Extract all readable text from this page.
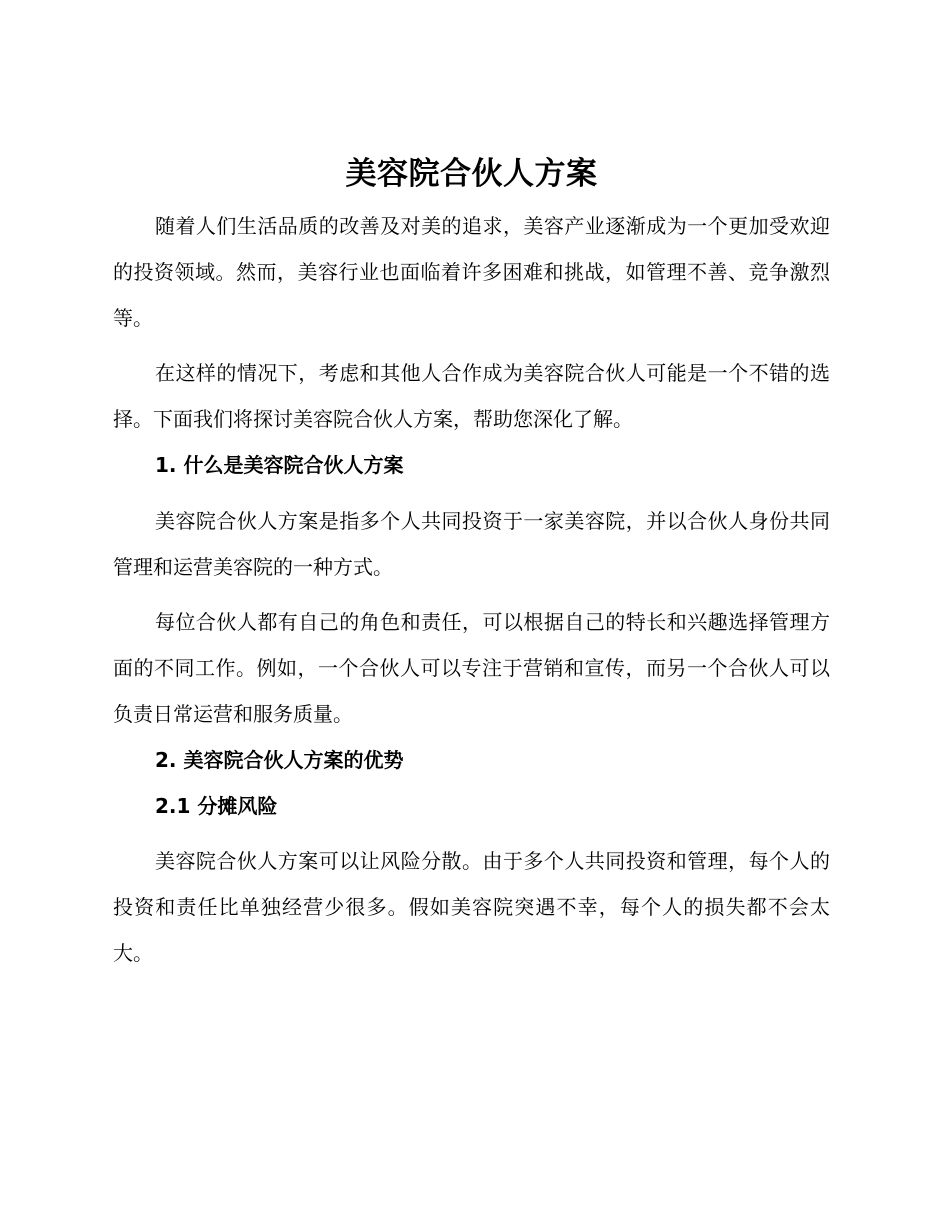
美容院合伙人方案

随着人们生活品质的改善及对美的追求，美容产业逐渐成为一个更加受欢迎的投资领域。然而，美容行业也面临着许多困难和挑战，如管理不善、竞争激烈等。

在这样的情况下，考虑和其他人合作成为美容院合伙人可能是一个不错的选择。下面我们将探讨美容院合伙人方案，帮助您深化了解。

1. 什么是美容院合伙人方案

美容院合伙人方案是指多个人共同投资于一家美容院，并以合伙人身份共同管理和运营美容院的一种方式。

每位合伙人都有自己的角色和责任，可以根据自己的特长和兴趣选择管理方面的不同工作。例如，一个合伙人可以专注于营销和宣传，而另一个合伙人可以负责日常运营和服务质量。

2. 美容院合伙人方案的优势
2.1 分摊风险

美容院合伙人方案可以让风险分散。由于多个人共同投资和管理，每个人的投资和责任比单独经营少很多。假如美容院突遇不幸，每个人的损失都不会太大。
